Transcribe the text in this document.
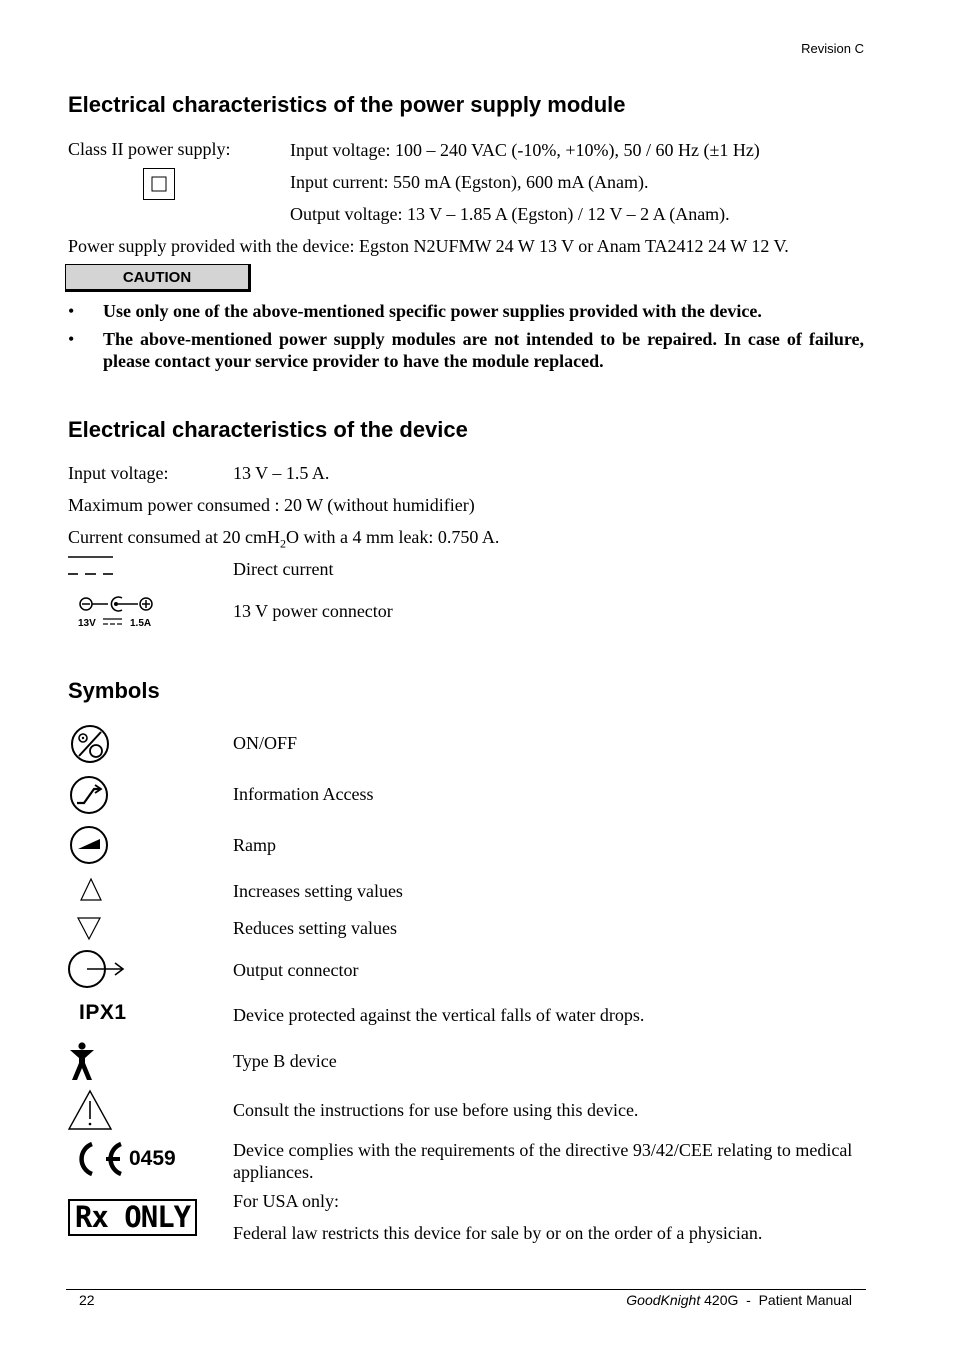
Revision C
Electrical characteristics of the power supply module
Class II power supply:	Input voltage: 100 – 240 VAC (-10%, +10%), 50 / 60 Hz (±1 Hz)
Input current: 550 mA (Egston), 600 mA (Anam).
Output voltage: 13 V – 1.85 A (Egston) / 12 V – 2 A (Anam).
Power supply provided with the device: Egston N2UFMW 24 W 13 V or Anam TA2412 24 W 12 V.
CAUTION
• Use only one of the above-mentioned specific power supplies provided with the device.
• The above-mentioned power supply modules are not intended to be repaired. In case of failure, please contact your service provider to have the module replaced.
Electrical characteristics of the device
Input voltage:	13 V – 1.5 A.
Maximum power consumed : 20 W (without humidifier)
Current consumed at 20 cmH$_2$O with a 4 mm leak: 0.750 A.
Direct current
13V	1.5A
13 V power connector
Symbols
ON/OFF
Information Access
Ramp
Increases setting values
Reduces setting values
Output connector
IPX1	Device protected against the vertical falls of water drops.
Type B device
Consult the instructions for use before using this device.
0459	Device complies with the requirements of the directive 93/42/CEE relating to medical appliances.
Rx ONLY	For USA only:
Federal law restricts this device for sale by or on the order of a physician.
22	GoodKnight 420G  -  Patient Manual
